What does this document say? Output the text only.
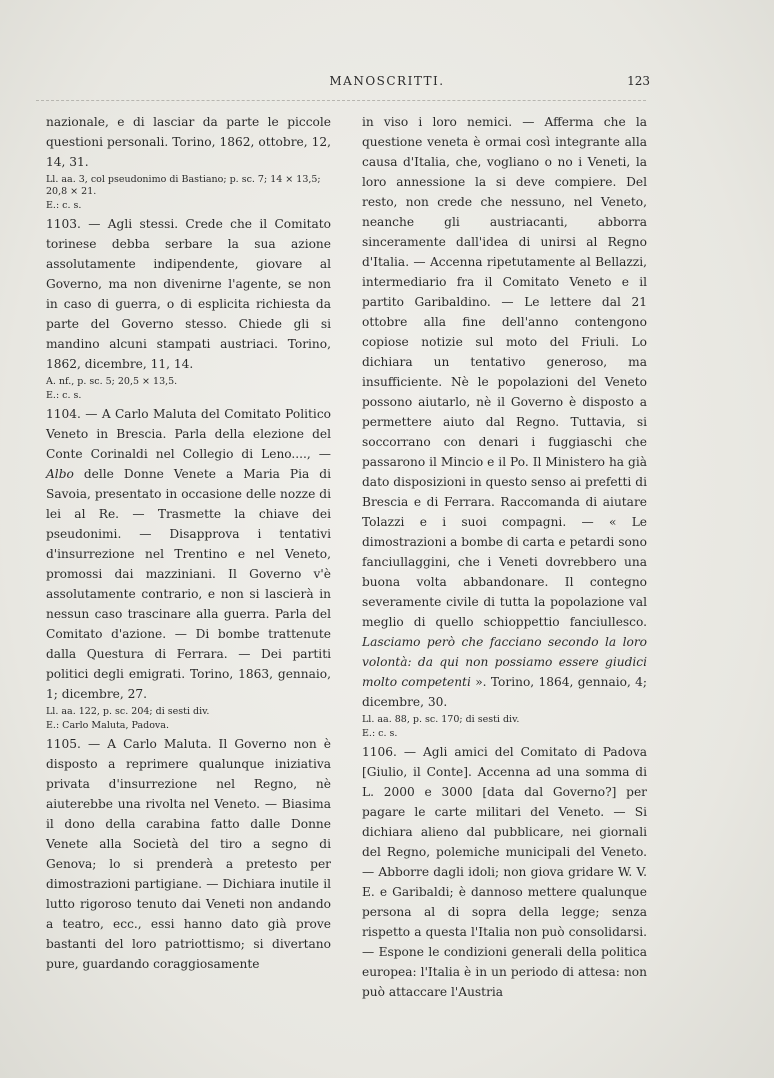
MANOSCRITTI.	123

nazionale, e di lasciar da parte le piccole questioni personali. Torino, 1862, ottobre, 12, 14, 31.

Ll. aa. 3, col pseudonimo di Bastiano; p. sc. 7; 14 × 13,5; 20,8 × 21.

E.: c. s.

1103. — Agli stessi. Crede che il Comitato torinese debba serbare la sua azione assolutamente indipendente, giovare al Governo, ma non divenirne l'agente, se non in caso di guerra, o di esplicita richiesta da parte del Governo stesso. Chiede gli si mandino alcuni stampati austriaci. Torino, 1862, dicembre, 11, 14.

A. nf., p. sc. 5; 20,5 × 13,5.

E.: c. s.

1104. — A Carlo Maluta del Comitato Politico Veneto in Brescia. Parla della elezione del Conte Corinaldi nel Collegio di Leno...., — Albo delle Donne Venete a Maria Pia di Savoia, presentato in occasione delle nozze di lei al Re. — Trasmette la chiave dei pseudonimi. — Disapprova i tentativi d'insurrezione nel Trentino e nel Veneto, promossi dai mazziniani. Il Governo v'è assolutamente contrario, e non si lascierà in nessun caso trascinare alla guerra. Parla del Comitato d'azione. — Di bombe trattenute dalla Questura di Ferrara. — Dei partiti politici degli emigrati. Torino, 1863, gennaio, 1; dicembre, 27.

Ll. aa. 122, p. sc. 204; di sesti div.

E.: Carlo Maluta, Padova.

1105. — A Carlo Maluta. Il Governo non è disposto a reprimere qualunque iniziativa privata d'insurrezione nel Regno, nè aiuterebbe una rivolta nel Veneto. — Biasima il dono della carabina fatto dalle Donne Venete alla Società del tiro a segno di Genova; lo si prenderà a pretesto per dimostrazioni partigiane. — Dichiara inutile il lutto rigoroso tenuto dai Veneti non andando a teatro, ecc., essi hanno dato già prove bastanti del loro patriottismo; si divertano pure, guardando coraggiosamente

in viso i loro nemici. — Afferma che la questione veneta è ormai così integrante alla causa d'Italia, che, vogliano o no i Veneti, la loro annessione la si deve compiere. Del resto, non crede che nessuno, nel Veneto, neanche gli austriacanti, abborra sinceramente dall'idea di unirsi al Regno d'Italia. — Accenna ripetutamente al Bellazzi, intermediario fra il Comitato Veneto e il partito Garibaldino. — Le lettere dal 21 ottobre alla fine dell'anno contengono copiose notizie sul moto del Friuli. Lo dichiara un tentativo generoso, ma insufficiente. Nè le popolazioni del Veneto possono aiutarlo, nè il Governo è disposto a permettere aiuto dal Regno. Tuttavia, si soccorrano con denari i fuggiaschi che passarono il Mincio e il Po. Il Ministero ha già dato disposizioni in questo senso ai prefetti di Brescia e di Ferrara. Raccomanda di aiutare Tolazzi e i suoi compagni. — « Le dimostrazioni a bombe di carta e petardi sono fanciullaggini, che i Veneti dovrebbero una buona volta abbandonare. Il contegno severamente civile di tutta la popolazione val meglio di quello schioppettio fanciullesco. Lasciamo però che facciano secondo la loro volontà: da qui non possiamo essere giudici molto competenti ». Torino, 1864, gennaio, 4; dicembre, 30.

Ll. aa. 88, p. sc. 170; di sesti div.

E.: c. s.

1106. — Agli amici del Comitato di Padova [Giulio, il Conte]. Accenna ad una somma di L. 2000 e 3000 [data dal Governo?] per pagare le carte militari del Veneto. — Si dichiara alieno dal pubblicare, nei giornali del Regno, polemiche municipali del Veneto. — Abborre dagli idoli; non giova gridare W. V. E. e Garibaldi; è dannoso mettere qualunque persona al di sopra della legge; senza rispetto a questa l'Italia non può consolidarsi. — Espone le condizioni generali della politica europea: l'Italia è in un periodo di attesa: non può attaccare l'Austria
